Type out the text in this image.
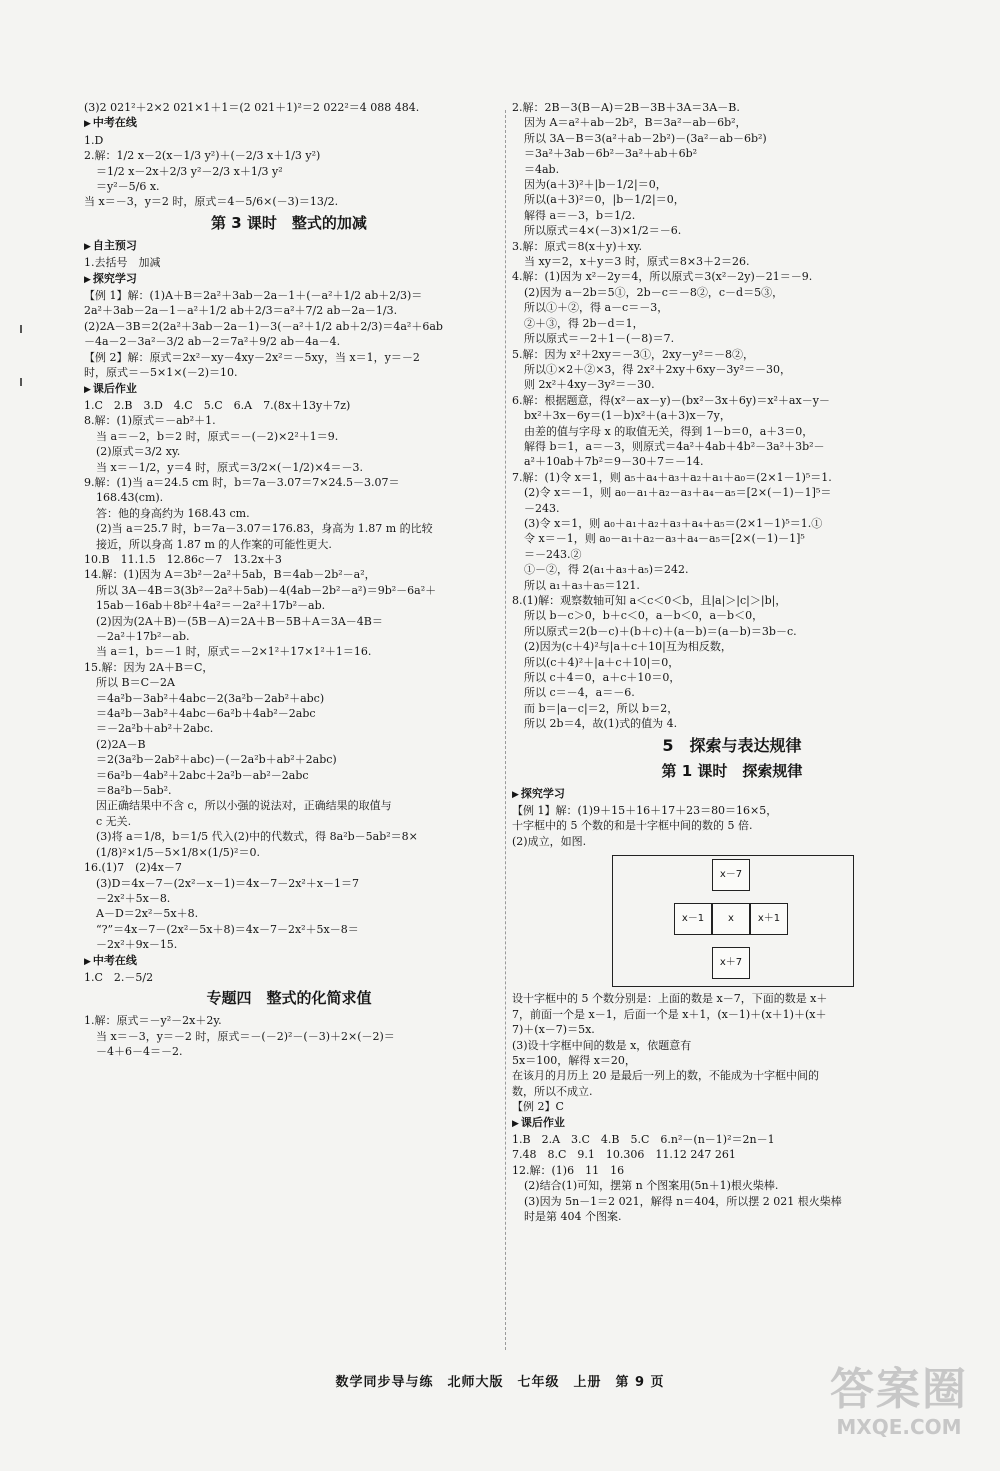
(3)2 021²＋2×2 021×1＋1＝(2 021＋1)²＝2 022²＝4 088 484.
▶ 中考在线
1.D
2.解：1/2 x－2(x－1/3 y²)＋(－2/3 x＋1/3 y²)
＝1/2 x－2x＋2/3 y²－2/3 x＋1/3 y²
＝y²－5/6 x.
当 x＝－3，y＝2 时，原式＝4－5/6×(－3)＝13/2.
第 3 课时　整式的加减
▶ 自主预习
1.去括号　加减
▶ 探究学习
【例 1】解：(1)A＋B＝2a²＋3ab－2a－1＋(－a²＋1/2 ab＋2/3)＝
2a²＋3ab－2a－1－a²＋1/2 ab＋2/3＝a²＋7/2 ab－2a－1/3.
(2)2A－3B＝2(2a²＋3ab－2a－1)－3(－a²＋1/2 ab＋2/3)＝4a²＋6ab
－4a－2－3a²－3/2 ab－2＝7a²＋9/2 ab－4a－4.
【例 2】解：原式＝2x²－xy－4xy－2x²＝－5xy，当 x＝1，y＝－2
时，原式＝－5×1×(－2)＝10.
▶ 课后作业
1.C　2.B　3.D　4.C　5.C　6.A　7.(8x＋13y＋7z)
8.解：(1)原式＝－ab²＋1.
当 a＝－2，b＝2 时，原式＝－(－2)×2²＋1＝9.
(2)原式＝3/2 xy.
当 x＝－1/2，y＝4 时，原式＝3/2×(－1/2)×4＝－3.
9.解：(1)当 a＝24.5 cm 时，b＝7a－3.07＝7×24.5－3.07＝
168.43(cm).
答：他的身高约为 168.43 cm.
(2)当 a＝25.7 时，b＝7a－3.07＝176.83，身高为 1.87 m 的比较
接近，所以身高 1.87 m 的人作案的可能性更大.
10.B　11.1.5　12.86c－7　13.2x＋3
14.解：(1)因为 A＝3b²－2a²＋5ab，B＝4ab－2b²－a²，
所以 3A－4B＝3(3b²－2a²＋5ab)－4(4ab－2b²－a²)＝9b²－6a²＋
15ab－16ab＋8b²＋4a²＝－2a²＋17b²－ab.
(2)因为(2A＋B)－(5B－A)＝2A＋B－5B＋A＝3A－4B＝
－2a²＋17b²－ab.
当 a＝1，b＝－1 时，原式＝－2×1²＋17×1²＋1＝16.
15.解：因为 2A＋B＝C，
所以 B＝C－2A
＝4a²b－3ab²＋4abc－2(3a²b－2ab²＋abc)
＝4a²b－3ab²＋4abc－6a²b＋4ab²－2abc
＝－2a²b＋ab²＋2abc.
(2)2A－B
＝2(3a²b－2ab²＋abc)－(－2a²b＋ab²＋2abc)
＝6a²b－4ab²＋2abc＋2a²b－ab²－2abc
＝8a²b－5ab².
因正确结果中不含 c，所以小强的说法对，正确结果的取值与
c 无关.
(3)将 a＝1/8，b＝1/5 代入(2)中的代数式，得 8a²b－5ab²＝8×
(1/8)²×1/5－5×1/8×(1/5)²＝0.
16.(1)7　(2)4x－7
(3)D＝4x－7－(2x²－x－1)＝4x－7－2x²＋x－1＝7
－2x²＋5x－8.
A－D＝2x²－5x＋8.
“?”＝4x－7－(2x²－5x＋8)＝4x－7－2x²＋5x－8＝
－2x²＋9x－15.
▶ 中考在线
1.C　2.－5/2
专题四　整式的化简求值
1.解：原式＝－y²－2x＋2y.
当 x＝－3，y＝－2 时，原式＝－(－2)²－(－3)＋2×(－2)＝
－4＋6－4＝－2.
2.解：2B－3(B－A)＝2B－3B＋3A＝3A－B.
因为 A＝a²＋ab－2b²，B＝3a²－ab－6b²，
所以 3A－B＝3(a²＋ab－2b²)－(3a²－ab－6b²)
＝3a²＋3ab－6b²－3a²＋ab＋6b²
＝4ab.
因为(a＋3)²＋|b－1/2|＝0，
所以(a＋3)²＝0，|b－1/2|＝0，
解得 a＝－3，b＝1/2.
所以原式＝4×(－3)×1/2＝－6.
3.解：原式＝8(x＋y)＋xy.
当 xy＝2，x＋y＝3 时，原式＝8×3＋2＝26.
4.解：(1)因为 x²－2y＝4，所以原式＝3(x²－2y)－21＝－9.
(2)因为 a－2b＝5①，2b－c＝－8②，c－d＝5③，
所以①＋②，得 a－c＝－3，
②＋③，得 2b－d＝1，
所以原式＝－2＋1－(－8)＝7.
5.解：因为 x²＋2xy＝－3①，2xy－y²＝－8②，
所以①×2＋②×3，得 2x²＋2xy＋6xy－3y²＝－30，
则 2x²＋4xy－3y²＝－30.
6.解：根据题意，得(x²－ax－y)－(bx²－3x＋6y)＝x²＋ax－y－
bx²＋3x－6y＝(1－b)x²＋(a＋3)x－7y，
由差的值与字母 x 的取值无关，得到 1－b＝0，a＋3＝0，
解得 b＝1，a＝－3，则原式＝4a²＋4ab＋4b²－3a²＋3b²－
a²＋10ab＋7b²＝9－30＋7＝－14.
7.解：(1)令 x＝1，则 a₅＋a₄＋a₃＋a₂＋a₁＋a₀＝(2×1－1)⁵＝1.
(2)令 x＝－1，则 a₀－a₁＋a₂－a₃＋a₄－a₅＝[2×(－1)－1]⁵＝
－243.
(3)令 x＝1，则 a₀＋a₁＋a₂＋a₃＋a₄＋a₅＝(2×1－1)⁵＝1.①
令 x＝－1，则 a₀－a₁＋a₂－a₃＋a₄－a₅＝[2×(－1)－1]⁵
＝－243.②
①－②，得 2(a₁＋a₃＋a₅)＝242.
所以 a₁＋a₃＋a₅＝121.
8.(1)解：观察数轴可知 a＜c＜0＜b，且|a|＞|c|＞|b|，
所以 b－c＞0，b＋c＜0，a－b＜0，a－b＜0，
所以原式＝2(b－c)＋(b＋c)＋(a－b)＝(a－b)＝3b－c.
(2)因为(c＋4)²与|a＋c＋10|互为相反数，
所以(c＋4)²＋|a＋c＋10|＝0，
所以 c＋4＝0，a＋c＋10＝0，
所以 c＝－4，a＝－6.
而 b＝|a－c|＝2，所以 b＝2，
所以 2b＝4，故(1)式的值为 4.
5　探索与表达规律
第 1 课时　探索规律
▶ 探究学习
【例 1】解：(1)9＋15＋16＋17＋23＝80＝16×5，
十字框中的 5 个数的和是十字框中间的数的 5 倍.
(2)成立，如图.
x－7
x－1	x	x＋1
x＋7
设十字框中的 5 个数分别是：上面的数是 x－7，下面的数是 x＋
7，前面一个是 x－1，后面一个是 x＋1，(x－1)＋(x＋1)＋(x＋
7)＋(x－7)＝5x.
(3)设十字框中间的数是 x，依题意有
5x＝100，解得 x＝20，
在该月的月历上 20 是最后一列上的数，不能成为十字框中间的
数，所以不成立.
【例 2】C
▶ 课后作业
1.B　2.A　3.C　4.B　5.C　6.n²－(n－1)²＝2n－1
7.48　8.C　9.1　10.306　11.12 247 261
12.解：(1)6　11　16
(2)结合(1)可知，摆第 n 个图案用(5n＋1)根火柴棒.
(3)因为 5n－1＝2 021，解得 n＝404，所以摆 2 021 根火柴棒
时是第 404 个图案.
数学同步导与练　北师大版　七年级　上册　第 9 页	答案圈
MXQE.COM
